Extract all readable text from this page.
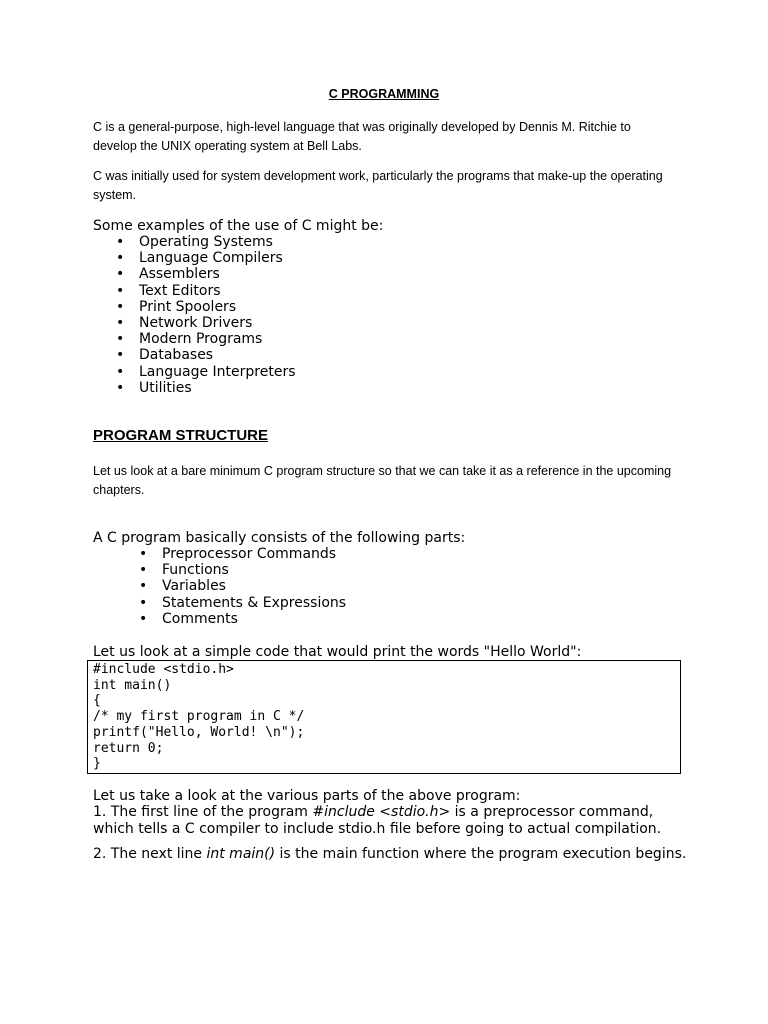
C PROGRAMMING

C is a general-purpose, high-level language that was originally developed by Dennis M. Ritchie to develop the UNIX operating system at Bell Labs.

C was initially used for system development work, particularly the programs that make-up the operating system.

Some examples of the use of C might be:

• Operating Systems
• Language Compilers
• Assemblers
• Text Editors
• Print Spoolers
• Network Drivers
• Modern Programs
• Databases
• Language Interpreters
• Utilities
PROGRAM STRUCTURE

Let us look at a bare minimum C program structure so that we can take it as a reference in the upcoming chapters.

A C program basically consists of the following parts:

• Preprocessor Commands
• Functions
• Variables
• Statements & Expressions
• Comments

Let us look at a simple code that would print the words "Hello World":

#include <stdio.h>
int main()
{
/* my first program in C */
printf("Hello, World! \n");
return 0;
}

Let us take a look at the various parts of the above program:

1. The first line of the program #include <stdio.h> is a preprocessor command, which tells a C compiler to include stdio.h file before going to actual compilation.

2. The next line int main() is the main function where the program execution begins.
